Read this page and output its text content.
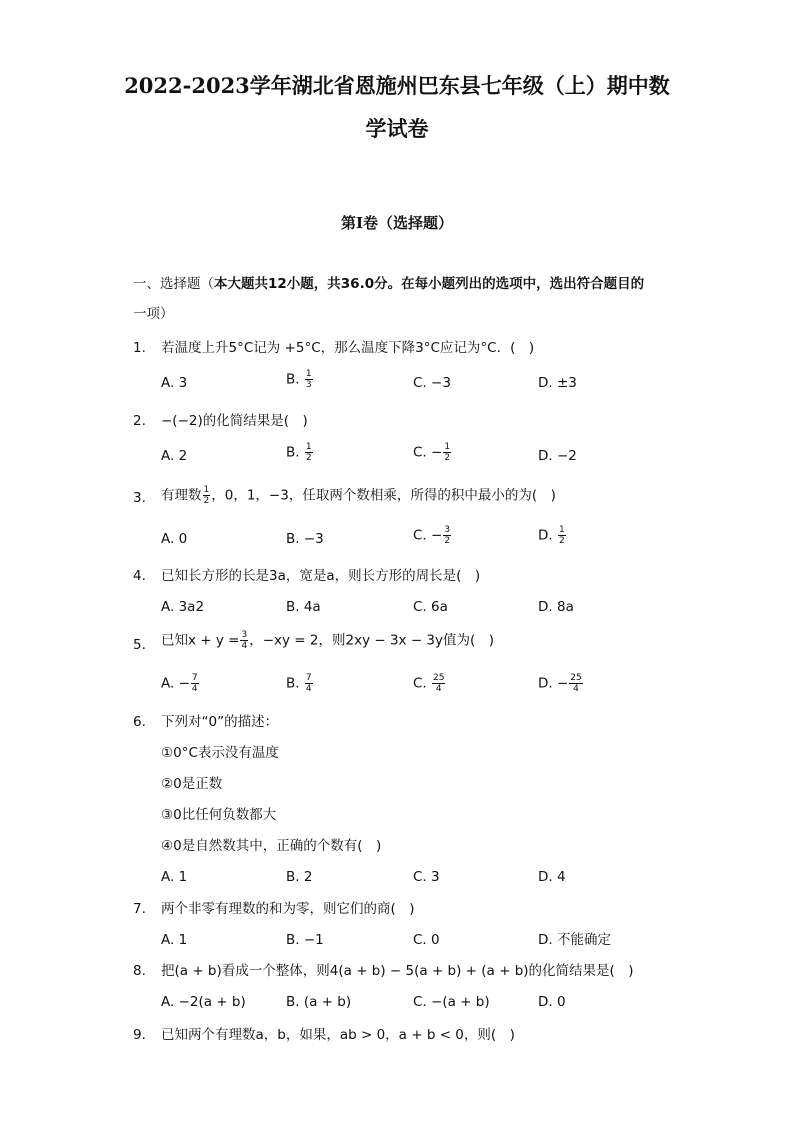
2022-2023学年湖北省恩施州巴东县七年级（上）期中数
学试卷
第I卷（选择题）
一、选择题（本大题共12小题，共36.0分。在每小题列出的选项中，选出符合题目的
一项）
1. 若温度上升5°C记为 +5°C，那么温度下降3°C应记为°C．(　)
A. 3	B. $\frac{1}{3}$	C. −3	D. ±3
2. −(−2)的化简结果是(　)
A. 2	B. $\frac{1}{2}$	C. − $\frac{1}{2}$	D. −2
3. 有理数 $\frac{1}{2}$ ，0，1，−3，任取两个数相乘，所得的积中最小的为(　)
A. 0	B. −3	C. − $\frac{3}{2}$	D. $\frac{1}{2}$
4. 已知长方形的长是3a，宽是a，则长方形的周长是(　)
A. 3a2	B. 4a	C. 6a	D. 8a
5. 已知$x + y = \frac{3}{4}$ ，−xy = 2，则2xy − 3x − 3y值为(　)
A. − $\frac{7}{4}$	B. $\frac{7}{4}$	C. $\frac{25}{4}$	D. − $\frac{25}{4}$
6. 下列对“0”的描述：
①0°C表示没有温度
②0是正数
③0比任何负数都大
④0是自然数其中，正确的个数有(　)
A. 1	B. 2	C. 3	D. 4
7. 两个非零有理数的和为零，则它们的商(　)
A. 1	B. −1	C. 0	D. 不能确定
8. 把(a + b)看成一个整体，则4(a + b) − 5(a + b) + (a + b)的化简结果是(　)
A. −2(a + b)	B. (a + b)	C. −(a + b)	D. 0
9. 已知两个有理数a，b，如果，ab > 0，a + b < 0，则(　)
